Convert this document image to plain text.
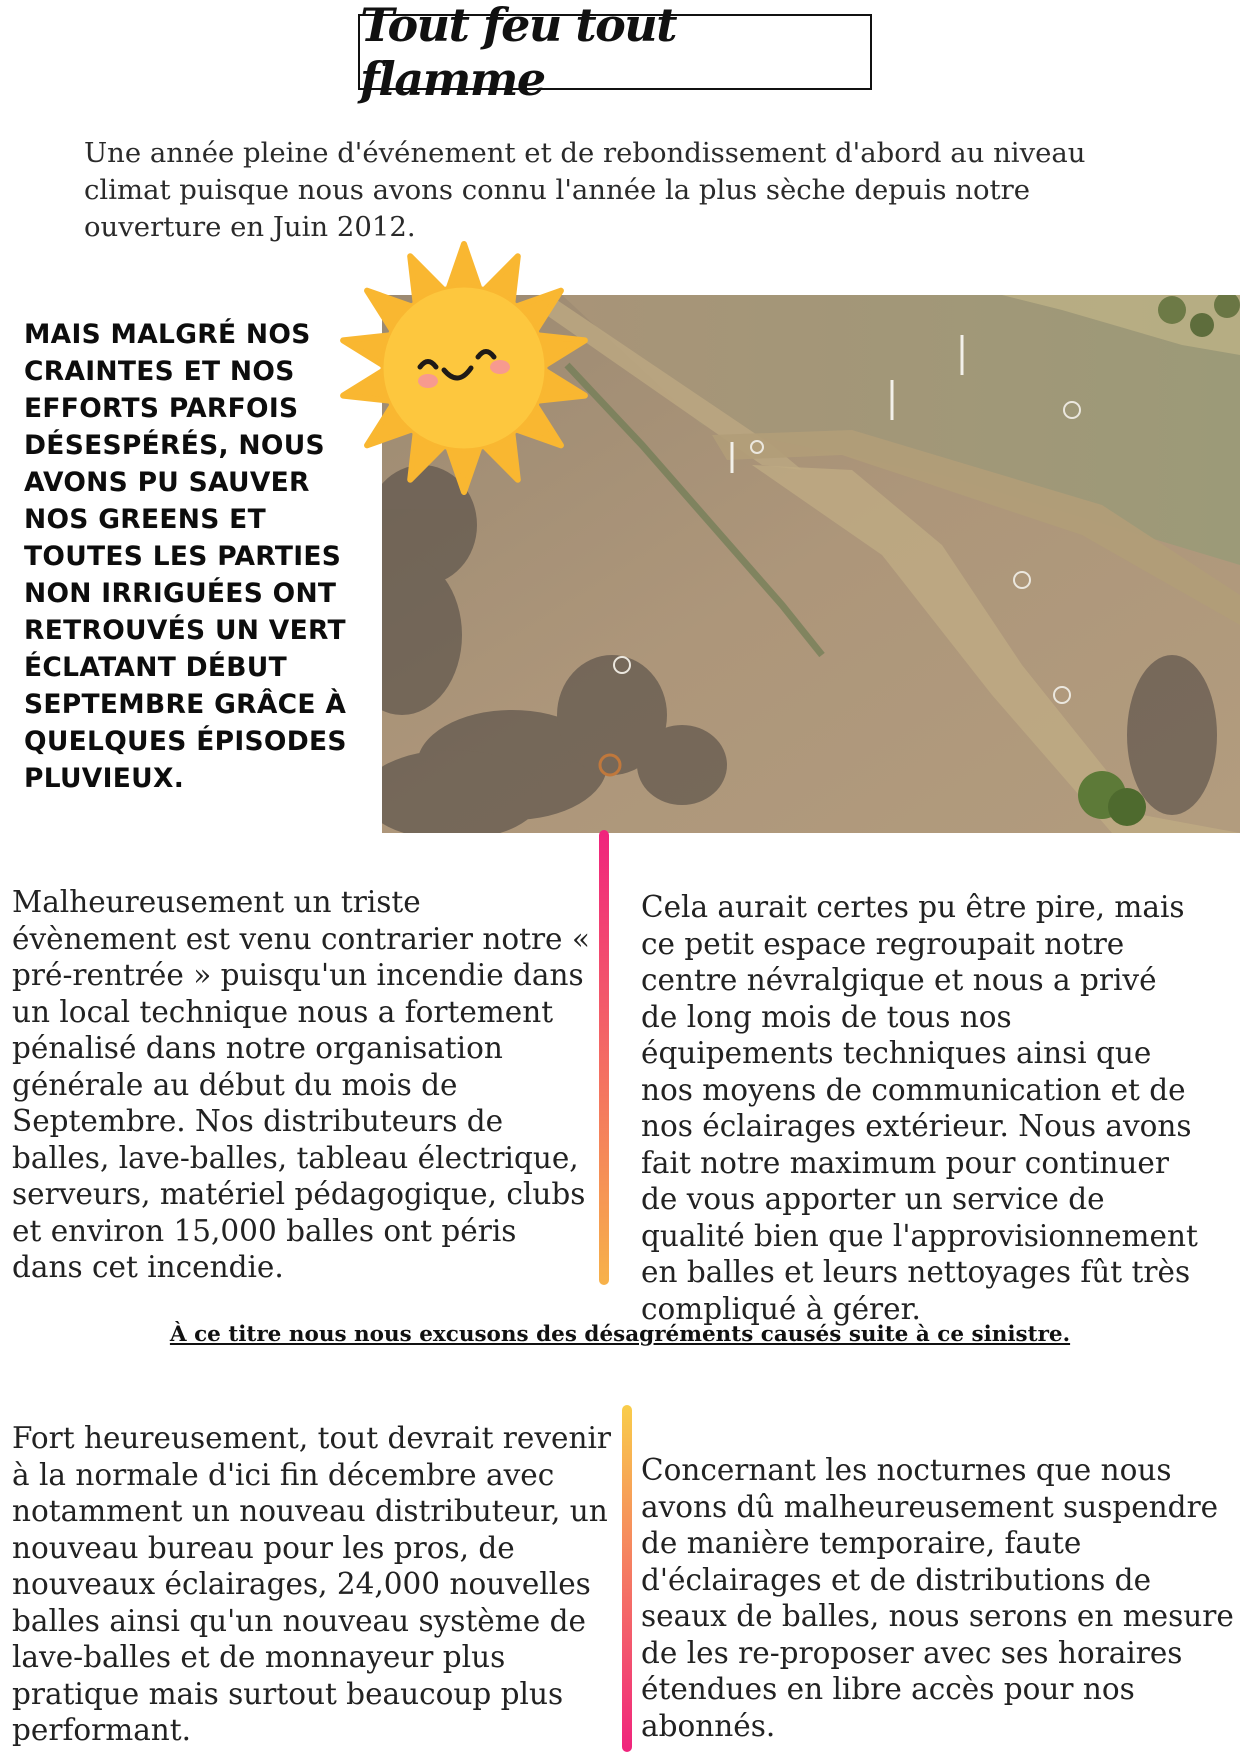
Tout feu tout flamme

Une année pleine d'événement et de rebondissement d'abord au niveau climat puisque nous avons connu l'année la plus sèche depuis notre ouverture en Juin 2012.

MAIS MALGRÉ NOS CRAINTES ET NOS EFFORTS PARFOIS DÉSESPÉRÉS, NOUS AVONS PU SAUVER NOS GREENS ET TOUTES LES PARTIES NON IRRIGUÉES ONT RETROUVÉS UN VERT ÉCLATANT DÉBUT SEPTEMBRE GRÂCE À QUELQUES ÉPISODES PLUVIEUX.

Malheureusement un triste évènement est venu contrarier notre « pré-rentrée » puisqu'un incendie dans un local technique nous a fortement pénalisé dans notre organisation générale au début du mois de Septembre. Nos distributeurs de balles, lave-balles, tableau électrique, serveurs, matériel pédagogique, clubs et environ 15,000 balles ont péris dans cet incendie.

Cela aurait certes pu être pire, mais ce petit espace regroupait notre centre névralgique et nous a privé de long mois de tous nos équipements techniques ainsi que nos moyens de communication et de nos éclairages extérieur. Nous avons fait notre maximum pour continuer de vous apporter un service de qualité bien que l'approvisionnement en balles et leurs nettoyages fût très compliqué à gérer.

À ce titre nous nous excusons des désagréments causés suite à ce sinistre.

Fort heureusement, tout devrait revenir à la normale d'ici fin décembre avec notamment un nouveau distributeur, un nouveau bureau pour les pros, de nouveaux éclairages, 24,000 nouvelles balles ainsi qu'un nouveau système de lave-balles et de monnayeur plus pratique mais surtout beaucoup plus performant.

Concernant les nocturnes que nous avons dû malheureusement suspendre de manière temporaire, faute d'éclairages et de distributions de seaux de balles, nous serons en mesure de les re-proposer avec ses horaires étendues en libre accès pour nos abonnés.
